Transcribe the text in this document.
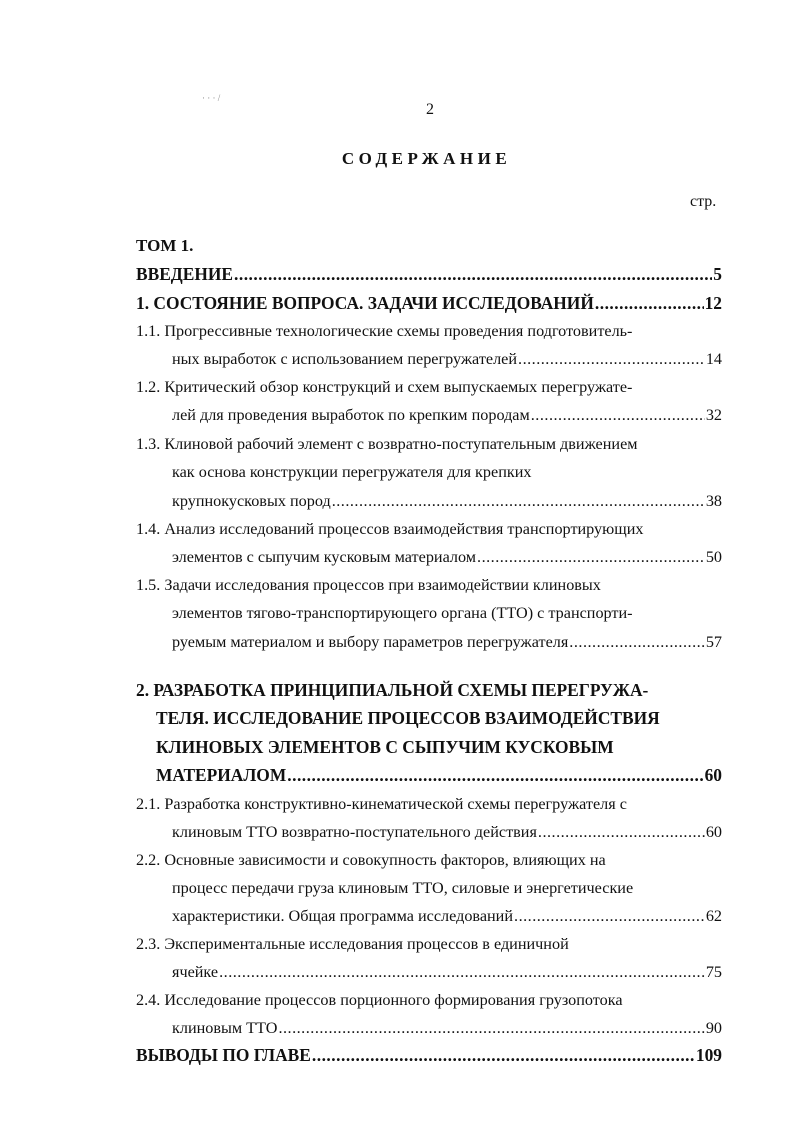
· · · /
2
СОДЕРЖАНИЕ
стр.
ТОМ 1.
ВВЕДЕНИЕ .....	5
1. СОСТОЯНИЕ ВОПРОСА. ЗАДАЧИ ИССЛЕДОВАНИЙ .....	12
1.1. Прогрессивные технологические схемы проведения подготовитель-
ных выработок с использованием перегружателей .....	14
1.2. Критический обзор конструкций и схем выпускаемых перегружате-
лей для проведения выработок по крепким породам .....	32
1.3. Клиновой рабочий элемент с возвратно-поступательным движением
как основа конструкции перегружателя для крепких
крупнокусковых пород .....	38
1.4. Анализ исследований процессов взаимодействия транспортирующих
элементов с сыпучим кусковым материалом .....	50
1.5. Задачи исследования процессов при взаимодействии клиновых
элементов тягово-транспортирующего органа (ТТО) с транспорти-
руемым материалом и выбору параметров перегружателя .....	57
2. РАЗРАБОТКА ПРИНЦИПИАЛЬНОЙ СХЕМЫ ПЕРЕГРУЖА-
ТЕЛЯ. ИССЛЕДОВАНИЕ ПРОЦЕССОВ ВЗАИМОДЕЙСТВИЯ
КЛИНОВЫХ ЭЛЕМЕНТОВ С СЫПУЧИМ КУСКОВЫМ
МАТЕРИАЛОМ .....	60
2.1. Разработка конструктивно-кинематической схемы перегружателя с
клиновым ТТО возвратно-поступательного действия .....	60
2.2. Основные зависимости и совокупность факторов, влияющих на
процесс передачи груза клиновым ТТО, силовые и энергетические
характеристики. Общая программа исследований .....	62
2.3. Экспериментальные исследования процессов в единичной
ячейке .....	75
2.4. Исследование процессов порционного формирования грузопотока
клиновым ТТО .....	90
ВЫВОДЫ ПО ГЛАВЕ .....	109
